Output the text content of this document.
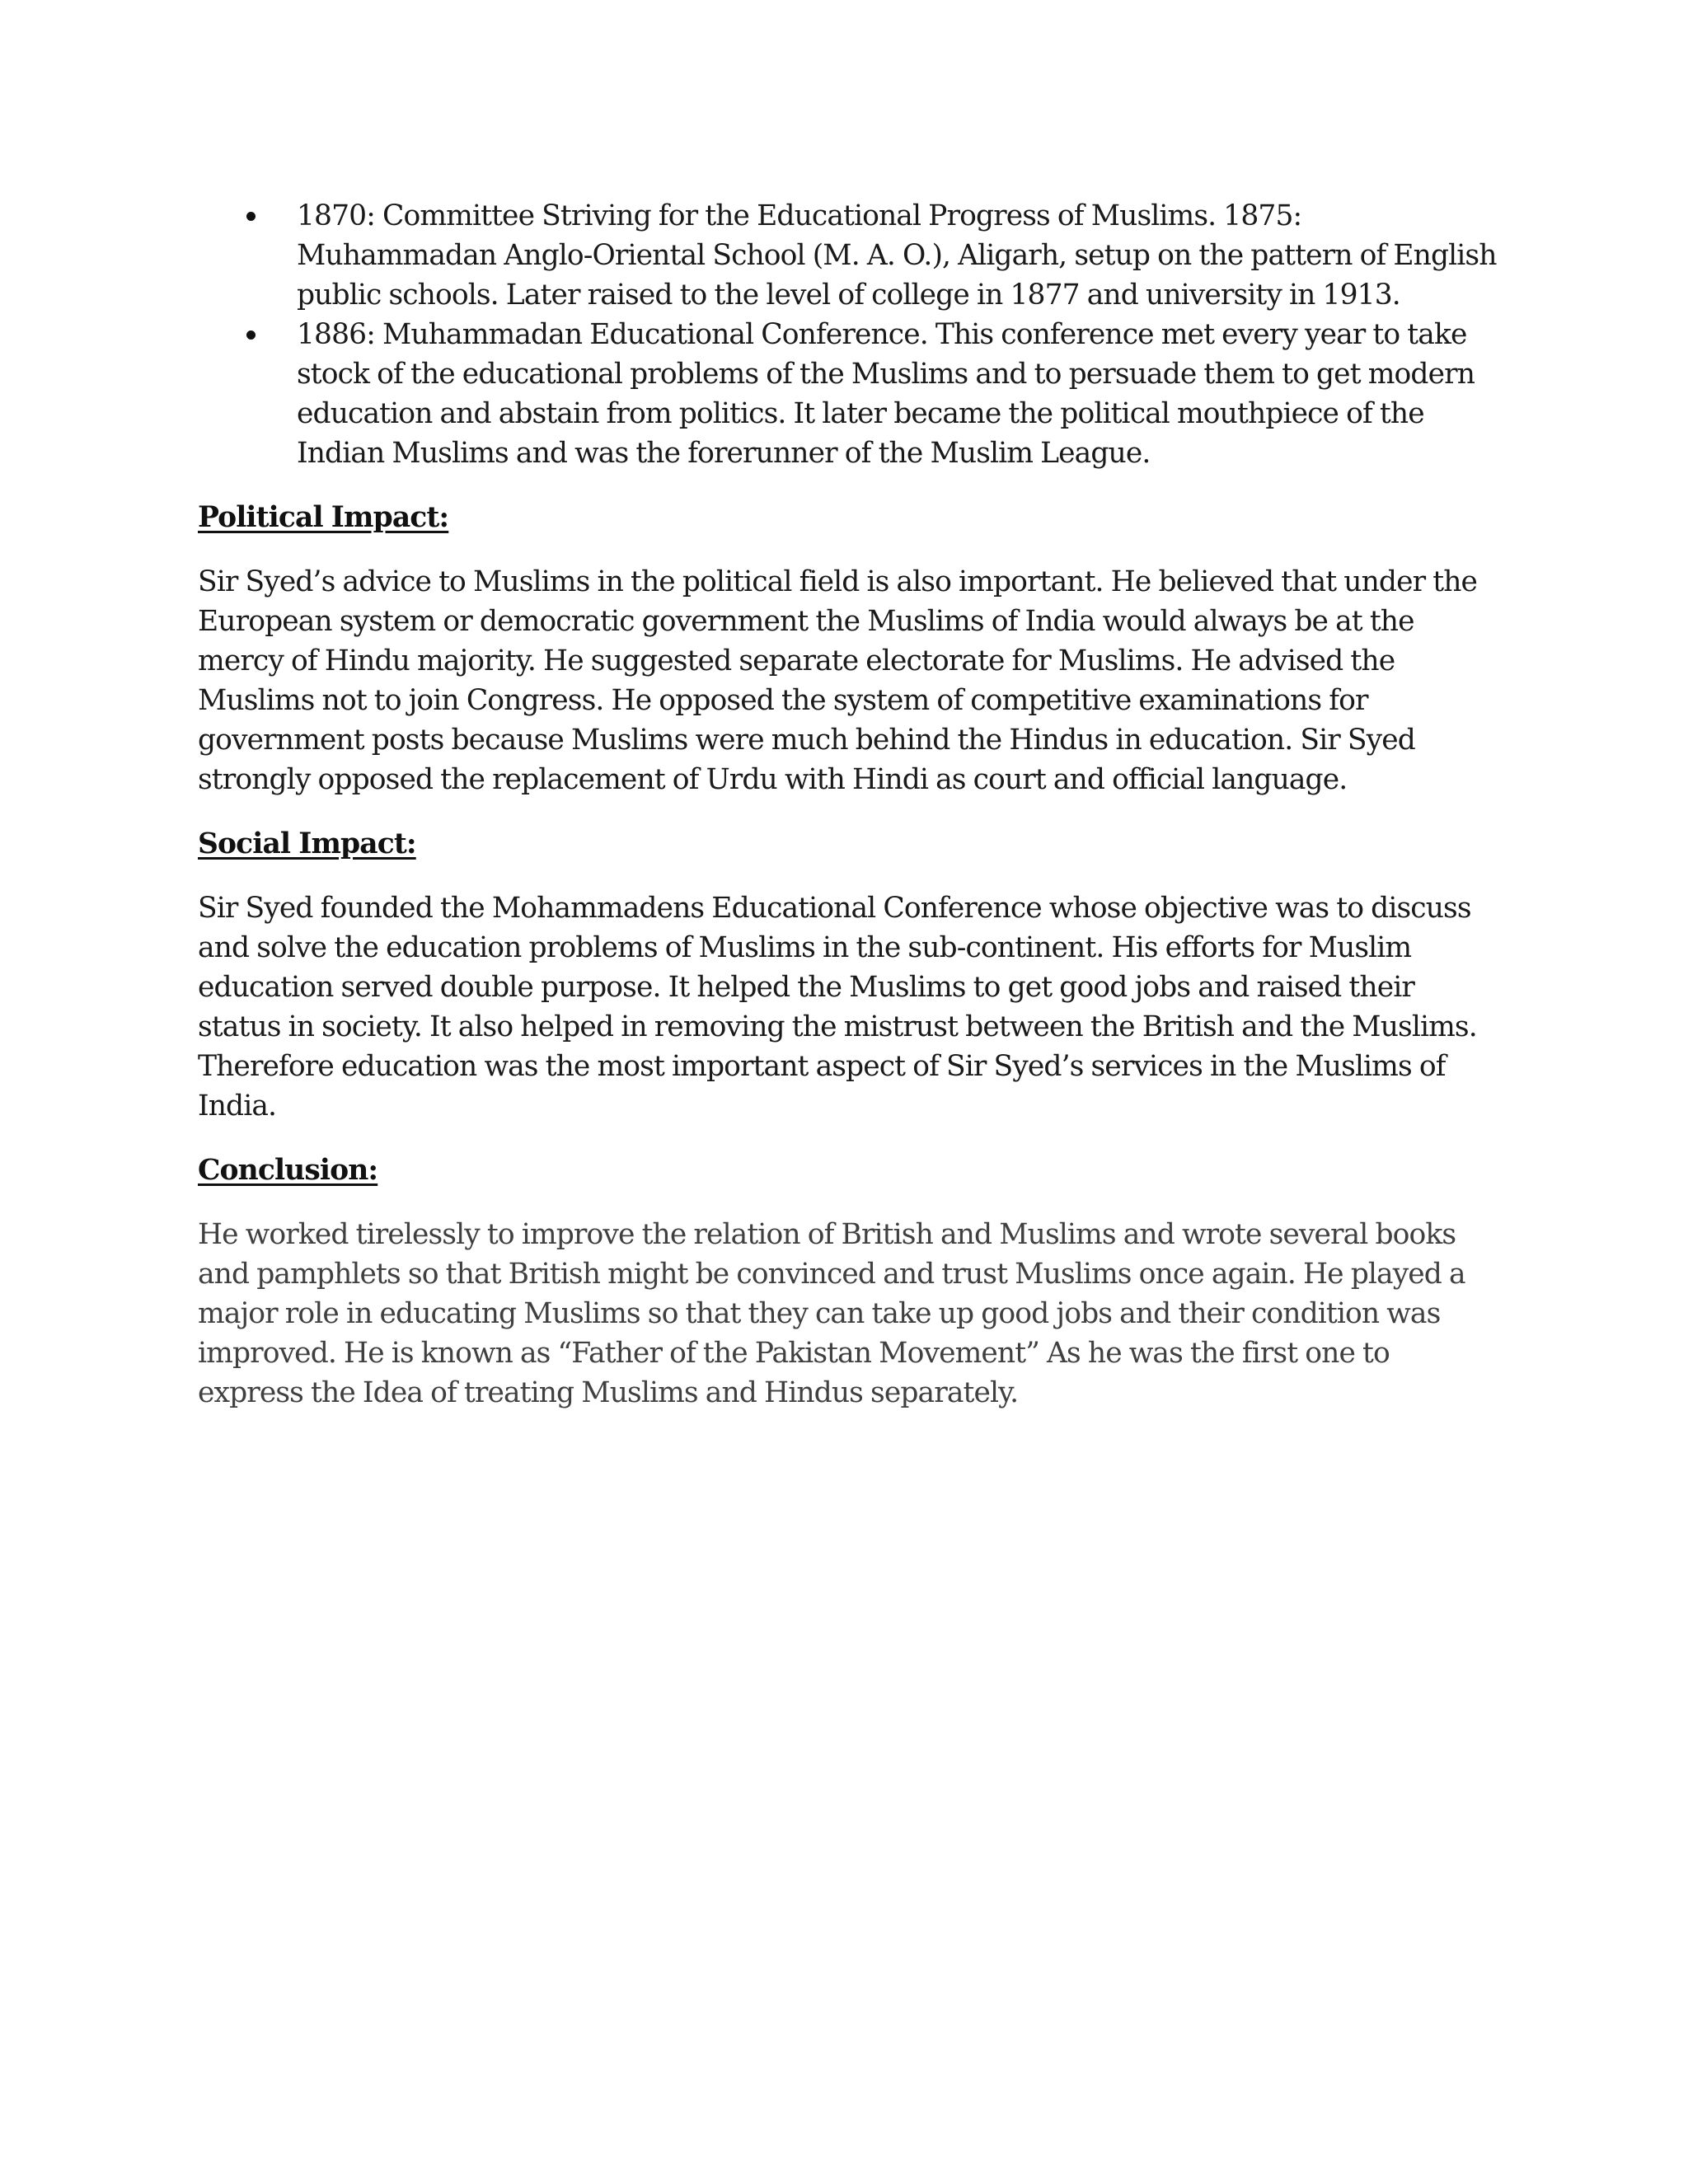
1870: Committee Striving for the Educational Progress of Muslims. 1875: Muhammadan Anglo-Oriental School (M. A. O.), Aligarh, setup on the pattern of English public schools. Later raised to the level of college in 1877 and university in 1913.
1886: Muhammadan Educational Conference. This conference met every year to take stock of the educational problems of the Muslims and to persuade them to get modern education and abstain from politics. It later became the political mouthpiece of the Indian Muslims and was the forerunner of the Muslim League.
Political Impact:

Sir Syed’s advice to Muslims in the political field is also important. He believed that under the European system or democratic government the Muslims of India would always be at the mercy of Hindu majority. He suggested separate electorate for Muslims. He advised the Muslims not to join Congress. He opposed the system of competitive examinations for government posts because Muslims were much behind the Hindus in education. Sir Syed strongly opposed the replacement of Urdu with Hindi as court and official language.

Social Impact:

Sir Syed founded the Mohammadens Educational Conference whose objective was to discuss and solve the education problems of Muslims in the sub-continent. His efforts for Muslim education served double purpose. It helped the Muslims to get good jobs and raised their status in society. It also helped in removing the mistrust between the British and the Muslims. Therefore education was the most important aspect of Sir Syed’s services in the Muslims of India.

Conclusion:

He worked tirelessly to improve the relation of British and Muslims and wrote several books and pamphlets so that British might be convinced and trust Muslims once again. He played a major role in educating Muslims so that they can take up good jobs and their condition was improved. He is known as “Father of the Pakistan Movement” As he was the first one to express the Idea of treating Muslims and Hindus separately.
